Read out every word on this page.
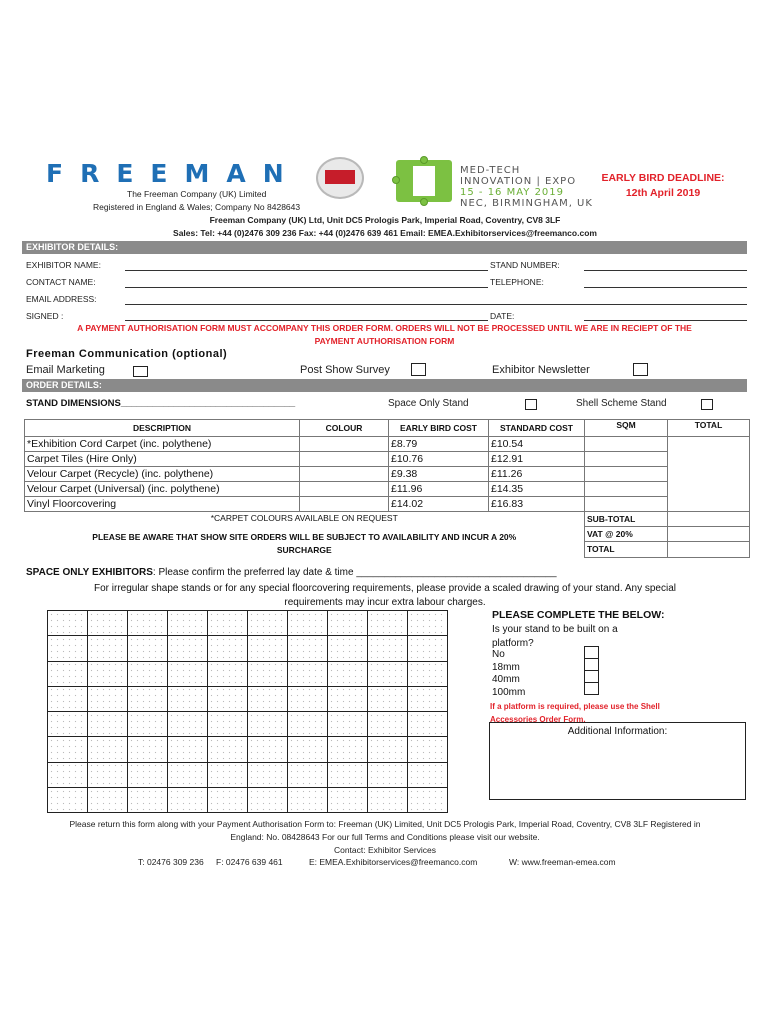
FREEMAN
The Freeman Company (UK) Limited
Registered in England & Wales; Company No 8428643
MED-TECH
INNOVATION | EXPO
15 - 16 MAY 2019
NEC, BIRMINGHAM, UK
EARLY BIRD DEADLINE:
12th April 2019
Freeman Company (UK) Ltd, Unit DC5 Prologis Park, Imperial Road, Coventry, CV8 3LF
Sales: Tel: +44 (0)2476 309 236 Fax: +44 (0)2476 639 461 Email: EMEA.Exhibitorservices@freemanco.com
EXHIBITOR DETAILS:
EXHIBITOR NAME:	STAND NUMBER:
CONTACT NAME:	TELEPHONE:
EMAIL ADDRESS:
SIGNED :	DATE:
A PAYMENT AUTHORISATION FORM MUST ACCOMPANY THIS ORDER FORM. ORDERS WILL NOT BE PROCESSED UNTIL WE ARE IN RECIEPT OF THE
PAYMENT AUTHORISATION FORM
Freeman Communication (optional)
Email Marketing	Post Show Survey	Exhibitor Newsletter
ORDER DETAILS:
STAND DIMENSIONS_________________________________	Space Only Stand	Shell Scheme Stand
DESCRIPTION	COLOUR	EARLY BIRD COST	STANDARD COST	SQM	TOTAL
*Exhibition Cord Carpet (inc. polythene)		£8.79	£10.54		
Carpet Tiles (Hire Only)		£10.76	£12.91		
Velour Carpet (Recycle) (inc. polythene)		£9.38	£11.26		
Velour Carpet (Universal) (inc. polythene)		£11.96	£14.35		
Vinyl Floorcovering		£14.02	£16.83		

*CARPET COLOURS AVAILABLE ON REQUEST
PLEASE BE AWARE THAT SHOW SITE ORDERS WILL BE SUBJECT TO AVAILABILITY AND INCUR A 20%
SURCHARGE				SUB-TOTAL	
				VAT @ 20%	
				TOTAL	
SPACE ONLY EXHIBITORS: Please confirm the preferred lay date & time ____________________________________
For irregular shape stands or for any special floorcovering requirements, please provide a scaled drawing of your stand. Any special
requirements may incur extra labour charges.

PLEASE COMPLETE THE BELOW:
Is your stand to be built on a
platform?
No
18mm
40mm
100mm
If a platform is required, please use the Shell
Accessories Order Form.
Additional Information:
Please return this form along with your Payment Authorisation Form to: Freeman (UK) Limited, Unit DC5 Prologis Park, Imperial Road, Coventry, CV8 3LF Registered in
England: No. 08428643 For our full Terms and Conditions please visit our website.
Contact: Exhibitor Services
T: 02476 309 236 F: 02476 639 461	E: EMEA.Exhibitorservices@freemanco.com	W: www.freeman-emea.com
